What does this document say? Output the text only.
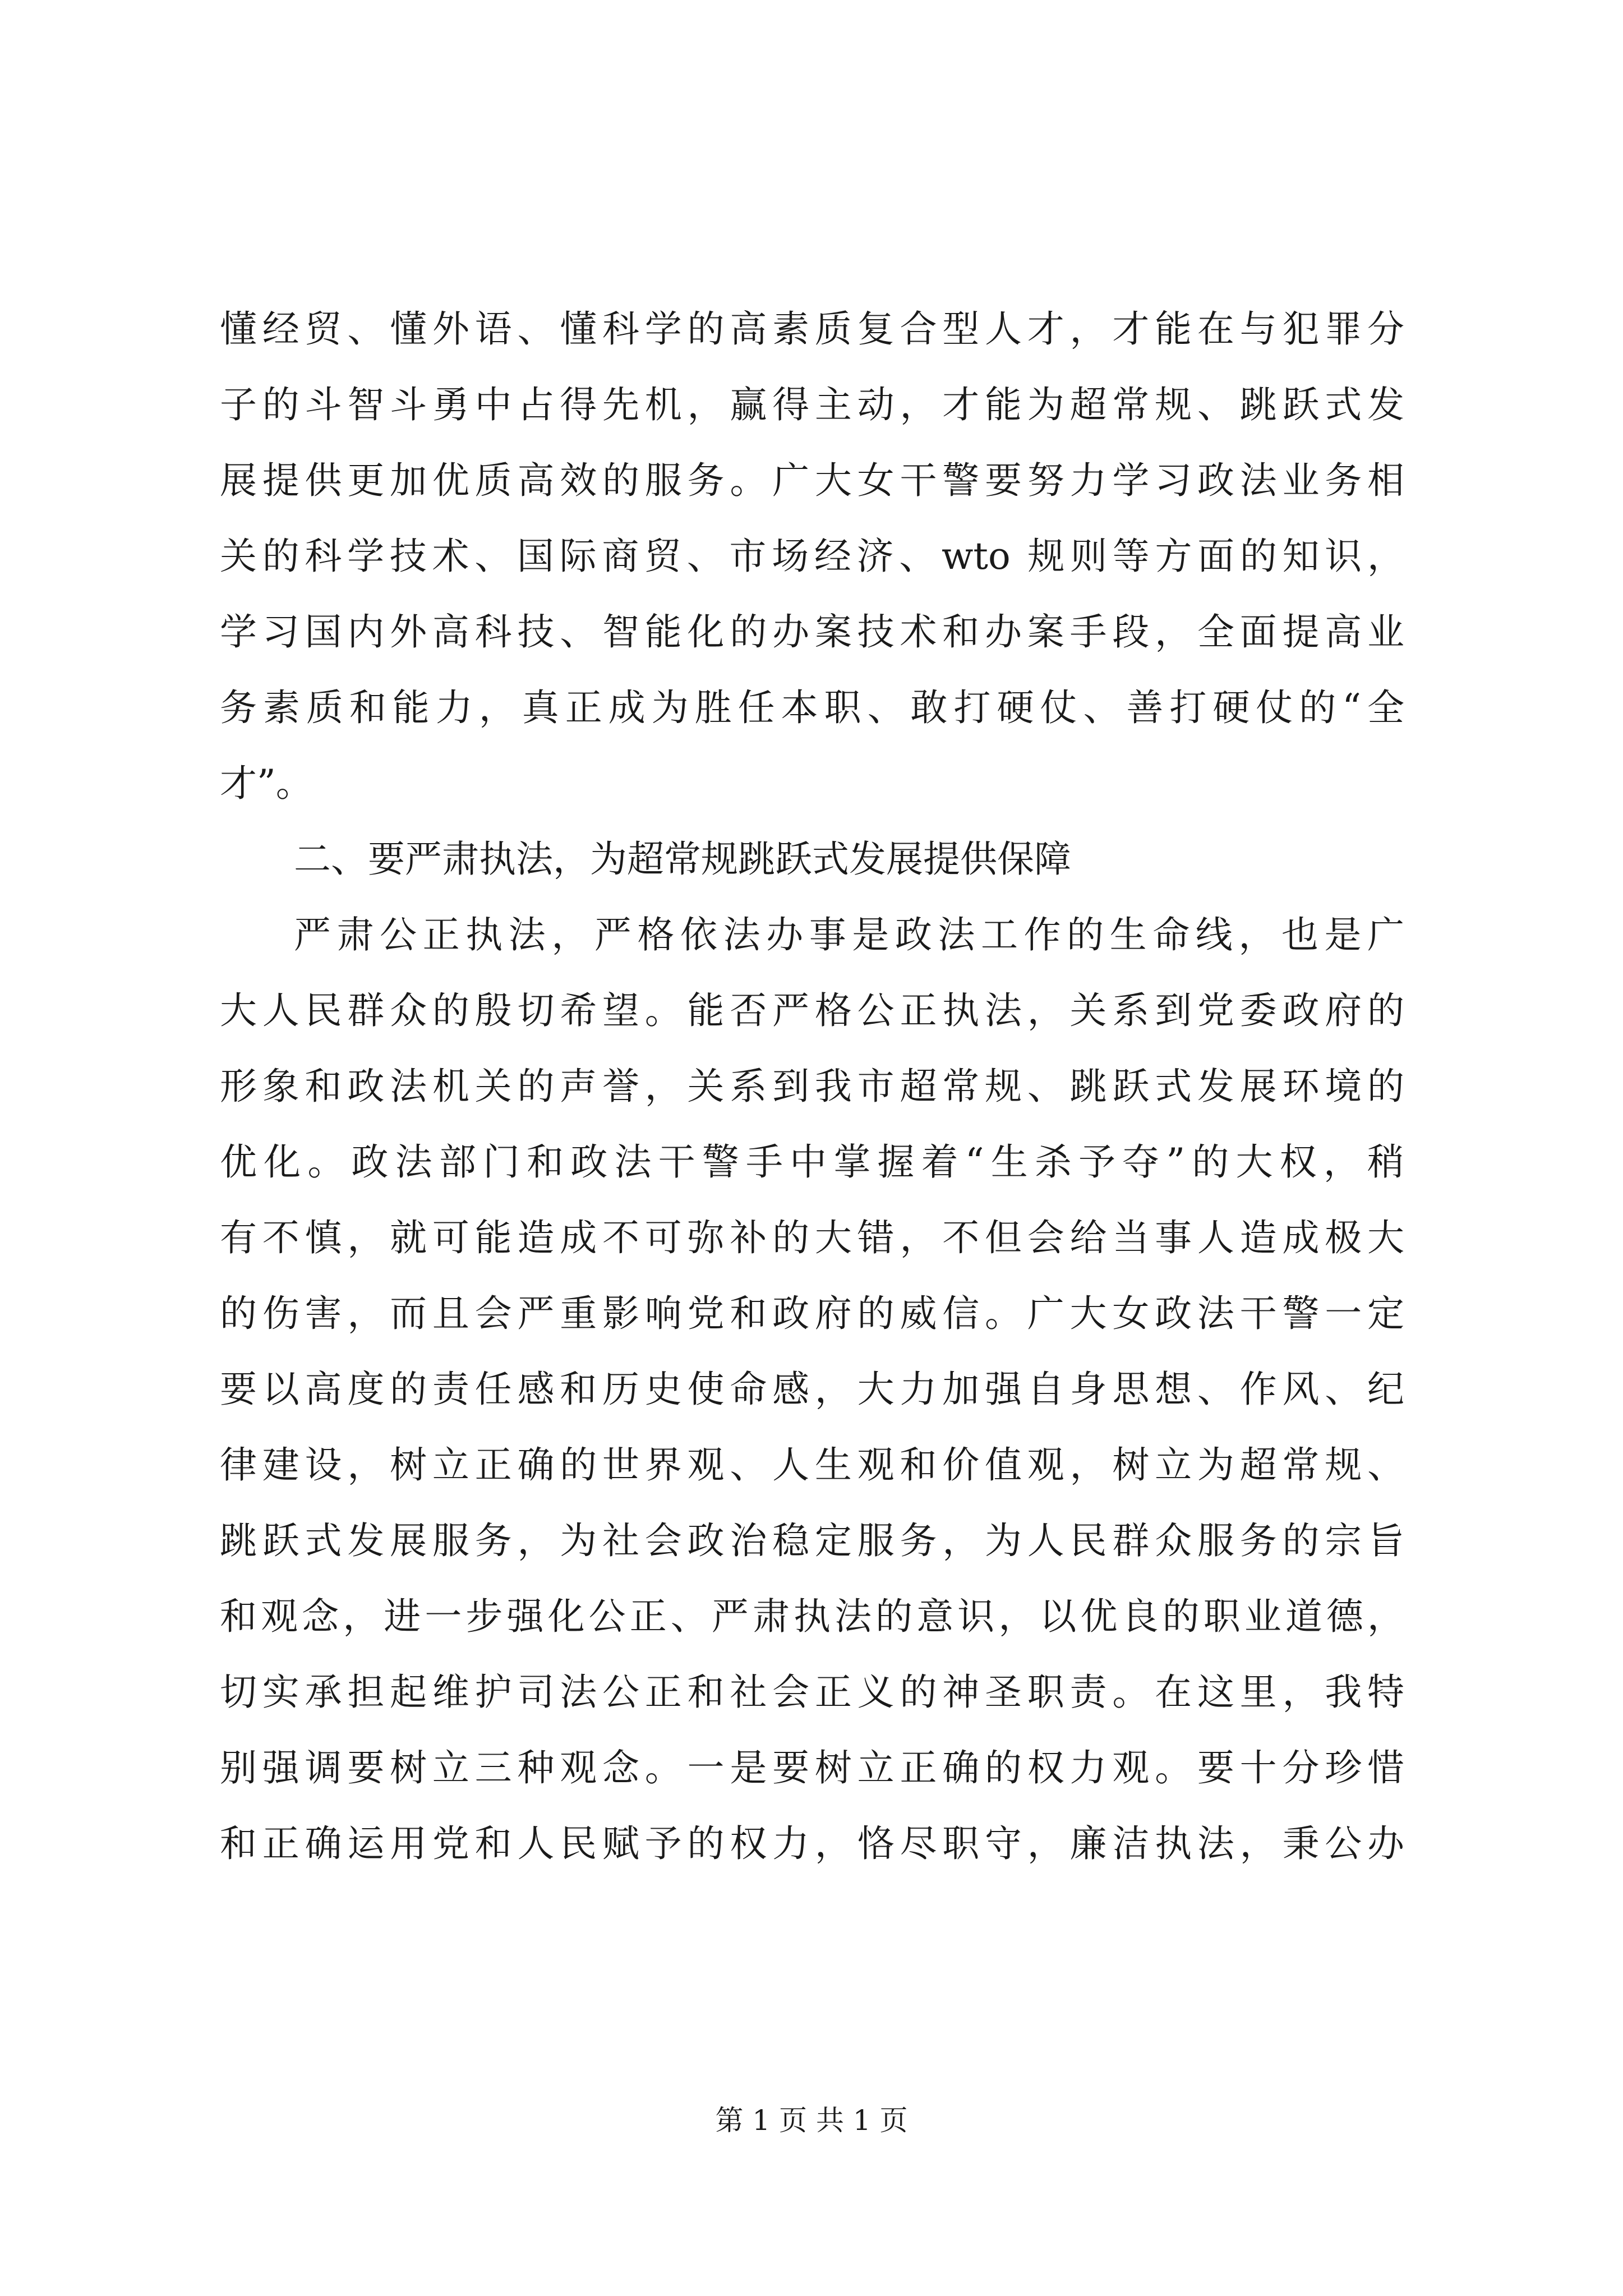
懂经贸、懂外语、懂科学的高素质复合型人才，才能在与犯罪分
子的斗智斗勇中占得先机，赢得主动，才能为超常规、跳跃式发
展提供更加优质高效的服务。广大女干警要努力学习政法业务相
关的科学技术、国际商贸、市场经济、wto 规则等方面的知识，
学习国内外高科技、智能化的办案技术和办案手段，全面提高业
务素质和能力，真正成为胜任本职、敢打硬仗、善打硬仗的“全
才”。
二、要严肃执法，为超常规跳跃式发展提供保障
严肃公正执法，严格依法办事是政法工作的生命线，也是广
大人民群众的殷切希望。能否严格公正执法，关系到党委政府的
形象和政法机关的声誉，关系到我市超常规、跳跃式发展环境的
优化。政法部门和政法干警手中掌握着“生杀予夺”的大权，稍
有不慎，就可能造成不可弥补的大错，不但会给当事人造成极大
的伤害，而且会严重影响党和政府的威信。广大女政法干警一定
要以高度的责任感和历史使命感，大力加强自身思想、作风、纪
律建设，树立正确的世界观、人生观和价值观，树立为超常规、
跳跃式发展服务，为社会政治稳定服务，为人民群众服务的宗旨
和观念，进一步强化公正、严肃执法的意识，以优良的职业道德，
切实承担起维护司法公正和社会正义的神圣职责。在这里，我特
别强调要树立三种观念。一是要树立正确的权力观。要十分珍惜
和正确运用党和人民赋予的权力，恪尽职守，廉洁执法，秉公办
第 1 页 共 1 页
